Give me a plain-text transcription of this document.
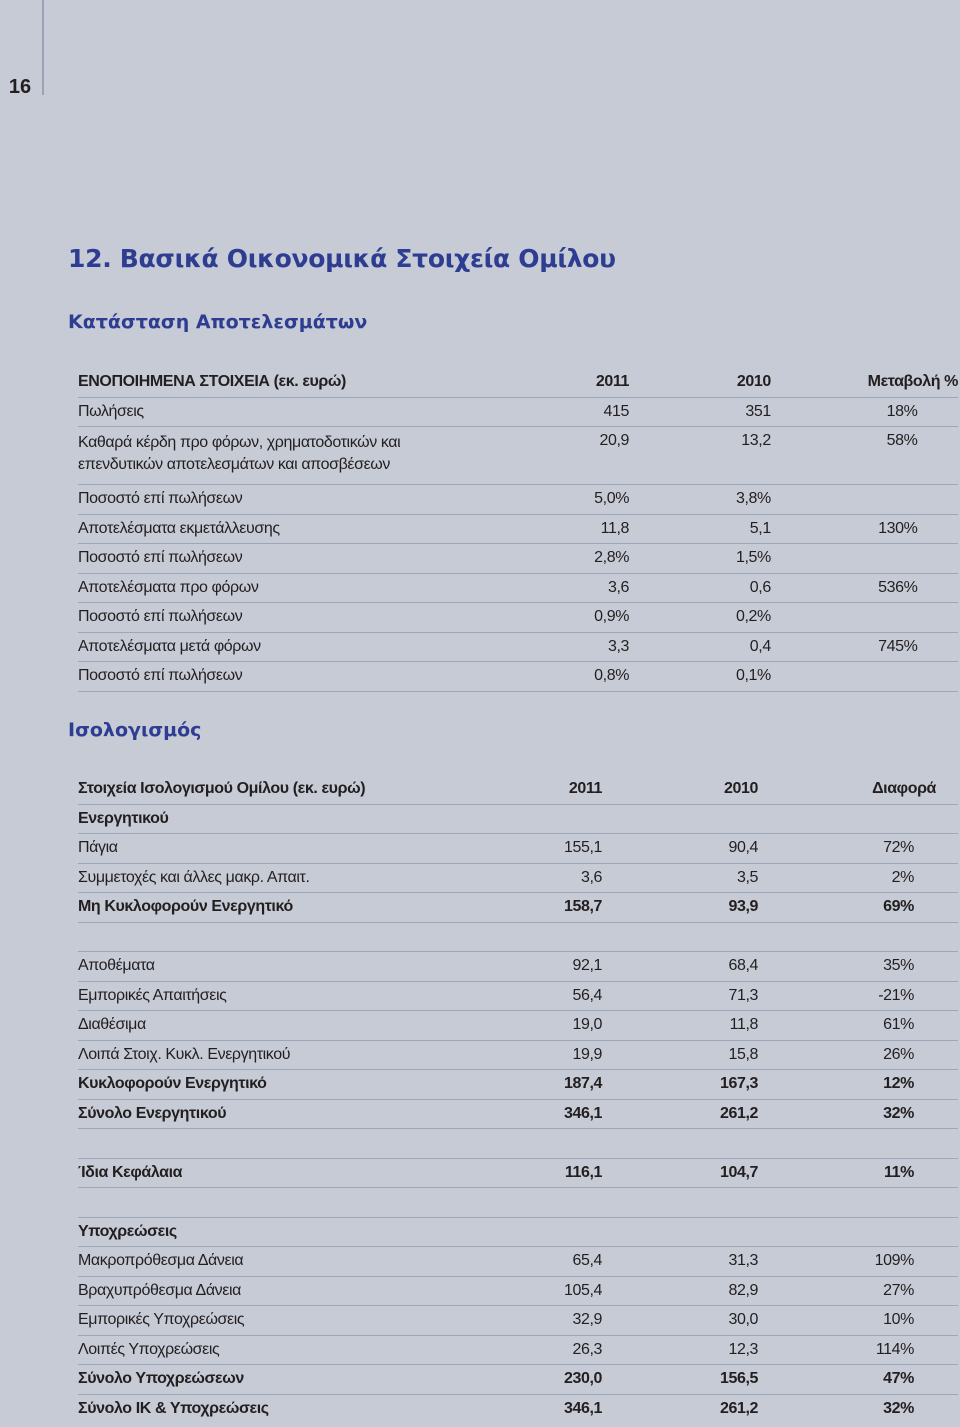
16
12. Βασικά Οικονομικά Στοιχεία Ομίλου
Κατάσταση Αποτελεσμάτων
ΕΝΟΠΟΙΗΜΕΝΑ ΣΤΟΙΧΕΙΑ (εκ. ευρώ)	2011	2010	Μεταβολή %	
Πωλήσεις	415	351	18%	
Καθαρά κέρδη προ φόρων, χρηματοδοτικών και επενδυτικών αποτελεσμάτων και αποσβέσεων	20,9	13,2	58%	
Ποσοστό επί πωλήσεων	5,0%	3,8%		
Αποτελέσματα εκμετάλλευσης	11,8	5,1	130%	
Ποσοστό επί πωλήσεων	2,8%	1,5%		
Αποτελέσματα προ φόρων	3,6	0,6	536%	
Ποσοστό επί πωλήσεων	0,9%	0,2%		
Αποτελέσματα μετά φόρων	3,3	0,4	745%	
Ποσοστό επί πωλήσεων	0,8%	0,1%		
Ισολογισμός
Στοιχεία Ισολογισμού Ομίλου (εκ. ευρώ)	2011	2010	Διαφορά	
Ενεργητικού				
Πάγια	155,1	90,4	72%	
Συμμετοχές και άλλες μακρ. Απαιτ.	3,6	3,5	2%	
Μη Κυκλοφορούν Ενεργητικό	158,7	93,9	69%	

Αποθέματα	92,1	68,4	35%	
Εμπορικές Απαιτήσεις	56,4	71,3	-21%	
Διαθέσιμα	19,0	11,8	61%	
Λοιπά Στοιχ. Κυκλ. Ενεργητικού	19,9	15,8	26%	
Κυκλοφορούν Ενεργητικό	187,4	167,3	12%	
Σύνολο Ενεργητικού	346,1	261,2	32%	

Ίδια Κεφάλαια	116,1	104,7	11%	

Υποχρεώσεις				
Μακροπρόθεσμα Δάνεια	65,4	31,3	109%	
Βραχυπρόθεσμα Δάνεια	105,4	82,9	27%	
Εμπορικές Υποχρεώσεις	32,9	30,0	10%	
Λοιπές Υποχρεώσεις	26,3	12,3	114%	
Σύνολο Υποχρεώσεων	230,0	156,5	47%	
Σύνολο ΙΚ & Υποχρεώσεις	346,1	261,2	32%	
